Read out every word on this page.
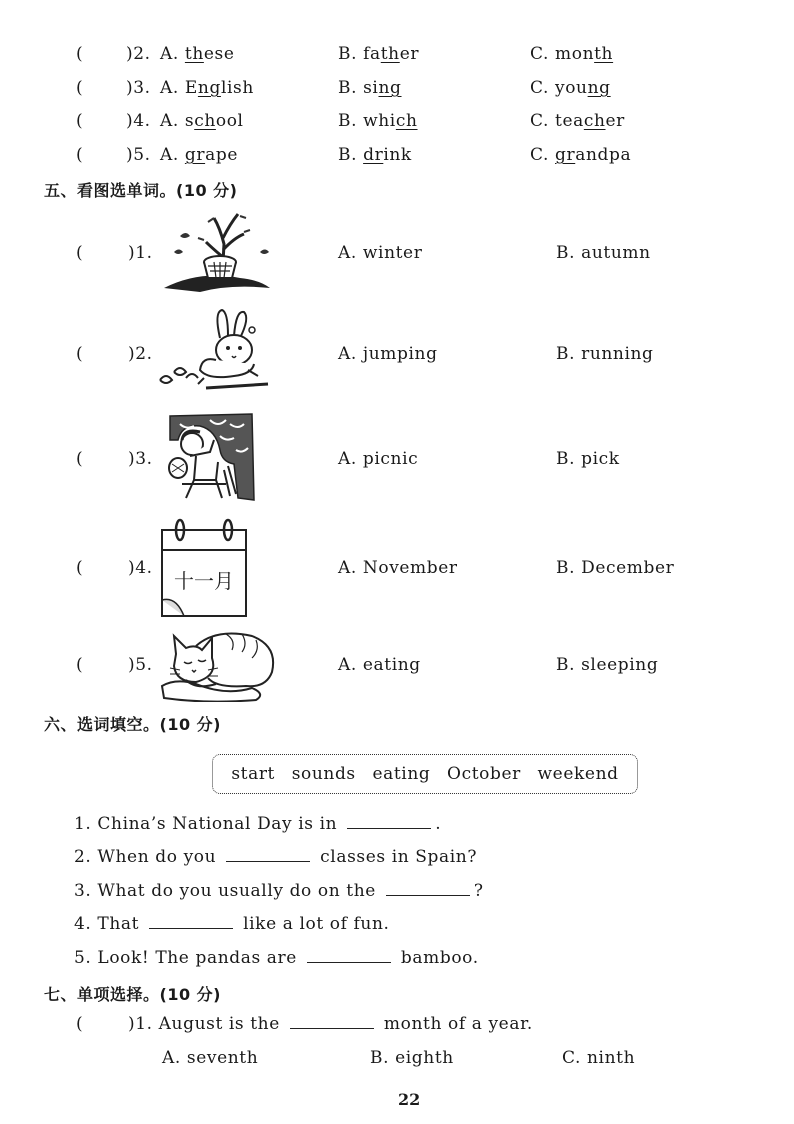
(	)2. A. these	B. father	C. month
(	)3. A. English	B. sing	C. young
(	)4. A. school	B. which	C. teacher
(	)5. A. grape	B. drink	C. grandpa
五、看图选单词。(10 分)
(	)1.	A. winter	B. autumn
(	)2.	A. jumping	B. running
(	)3.	A. picnic	B. pick
(	)4.	A. November	B. December
(	)5.	A. eating	B. sleeping
十一月
六、选词填空。(10 分)
start sounds eating October weekend
1. China’s National Day is in	.
2. When do you	classes in Spain?
3. What do you usually do on the	?
4. That	like a lot of fun.
5. Look! The pandas are	bamboo.
七、单项选择。(10 分)
(	)1. August is the	month of a year.
A. seventh	B. eighth	C. ninth
22
